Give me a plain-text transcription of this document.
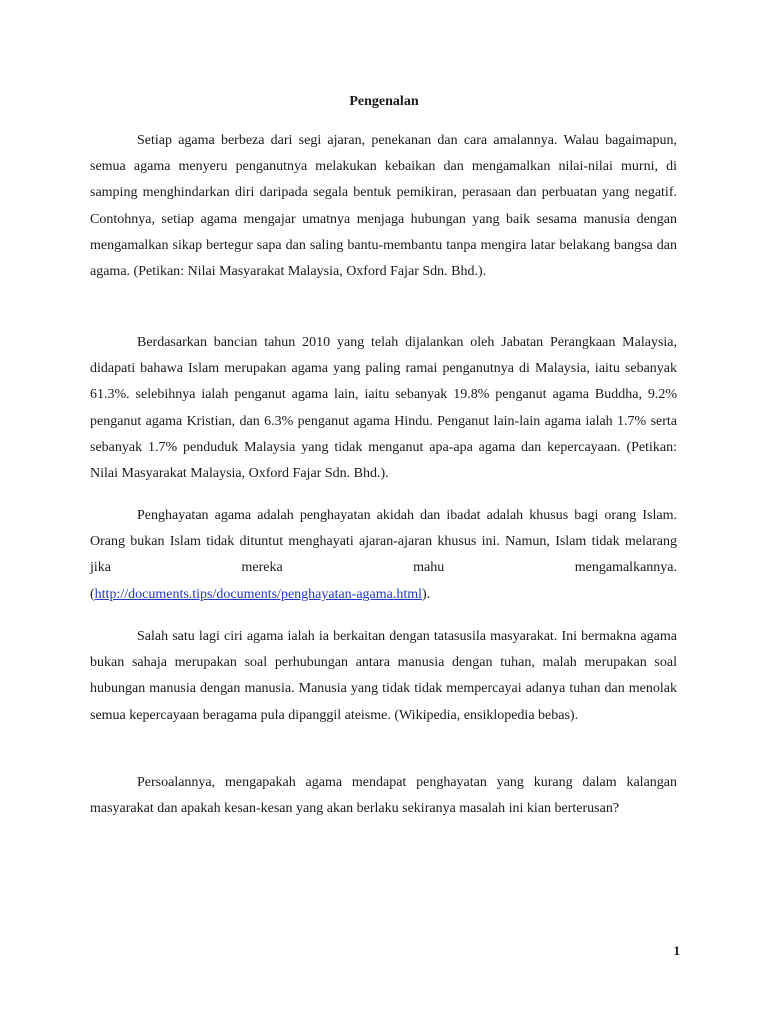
Pengenalan

Setiap agama berbeza dari segi ajaran, penekanan dan cara amalannya. Walau bagaimapun, semua agama menyeru penganutnya melakukan kebaikan dan mengamalkan nilai-nilai murni, di samping menghindarkan diri daripada segala bentuk pemikiran, perasaan dan perbuatan yang negatif. Contohnya, setiap agama mengajar umatnya menjaga hubungan yang baik sesama manusia dengan mengamalkan sikap bertegur sapa dan saling bantu-membantu tanpa mengira latar belakang bangsa dan agama. (Petikan: Nilai Masyarakat Malaysia, Oxford Fajar Sdn. Bhd.).

Berdasarkan bancian tahun 2010 yang telah dijalankan oleh Jabatan Perangkaan Malaysia, didapati bahawa Islam merupakan agama yang paling ramai penganutnya di Malaysia, iaitu sebanyak 61.3%. selebihnya ialah penganut agama lain, iaitu sebanyak 19.8% penganut agama Buddha, 9.2% penganut agama Kristian, dan 6.3% penganut agama Hindu. Penganut lain-lain agama ialah 1.7% serta sebanyak 1.7% penduduk Malaysia yang tidak menganut apa-apa agama dan kepercayaan. (Petikan: Nilai Masyarakat Malaysia, Oxford Fajar Sdn. Bhd.).

Penghayatan agama adalah penghayatan akidah dan ibadat adalah khusus bagi orang Islam. Orang bukan Islam tidak dituntut menghayati ajaran-ajaran khusus ini. Namun, Islam tidak melarang jika mereka mahu mengamalkannya.

(http://documents.tips/documents/penghayatan-agama.html).

Salah satu lagi ciri agama ialah ia berkaitan dengan tatasusila masyarakat. Ini bermakna agama bukan sahaja merupakan soal perhubungan antara manusia dengan tuhan, malah merupakan soal hubungan manusia dengan manusia. Manusia yang tidak tidak mempercayai adanya tuhan dan menolak semua kepercayaan beragama pula dipanggil ateisme. (Wikipedia, ensiklopedia bebas).

Persoalannya, mengapakah agama mendapat penghayatan yang kurang dalam kalangan masyarakat dan apakah kesan-kesan yang akan berlaku sekiranya masalah ini kian berterusan?

1
